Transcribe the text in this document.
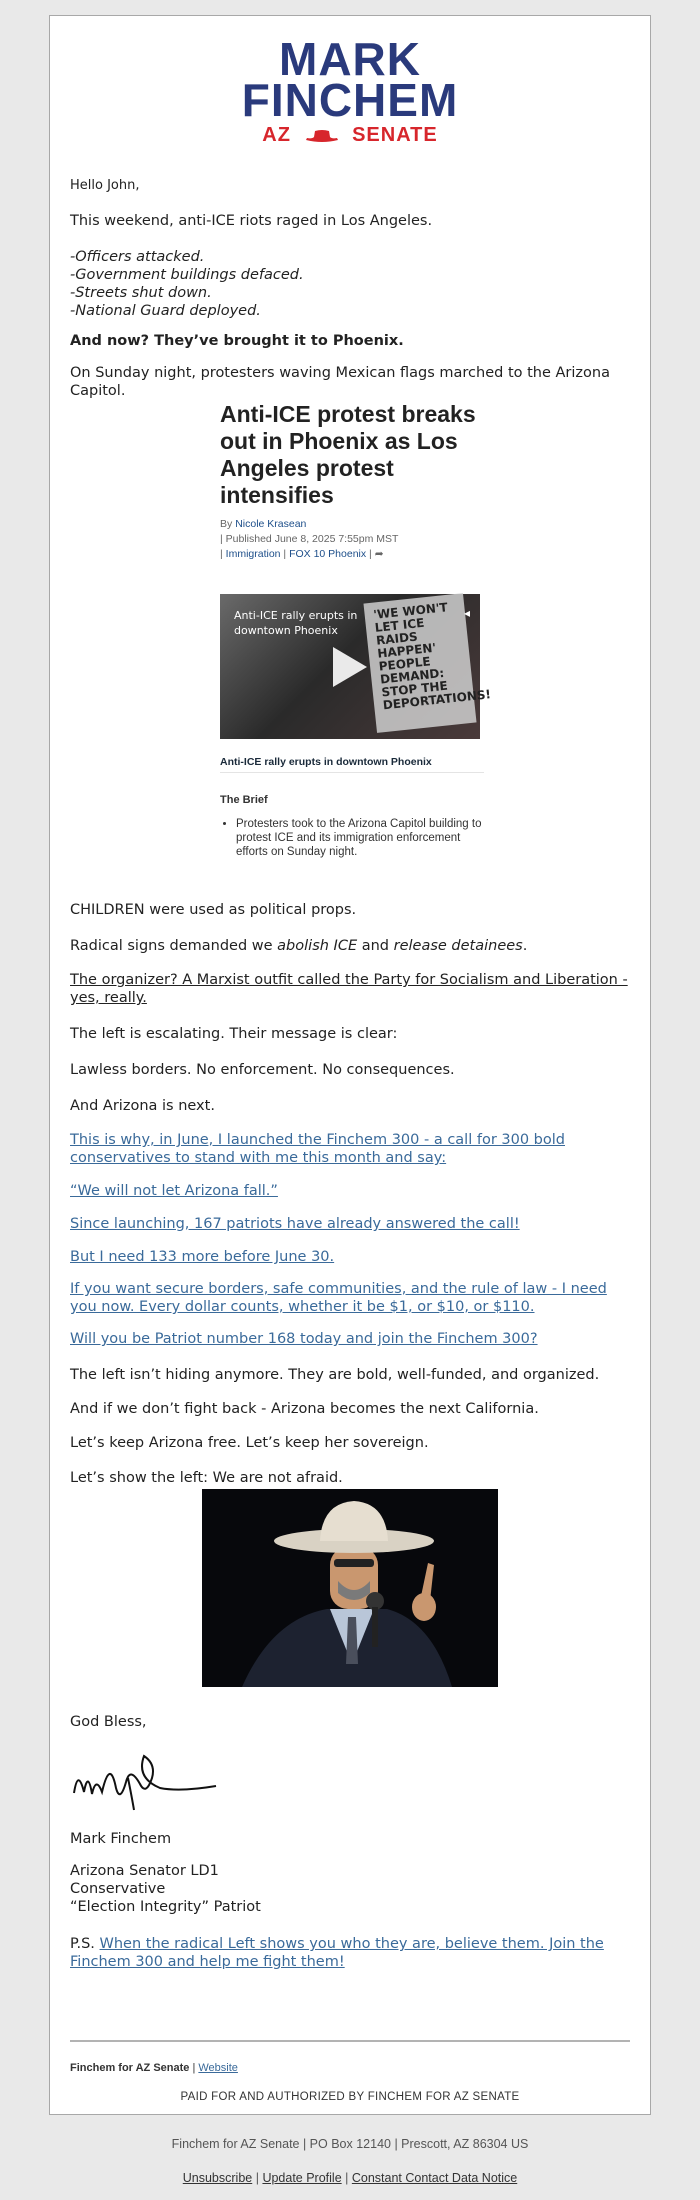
MARK
FINCHEM
AZ	SENATE

Hello John,

This weekend, anti-ICE riots raged in Los Angeles.

-Officers attacked.
-Government buildings defaced.
-Streets shut down.
-National Guard deployed.

And now? They’ve brought it to Phoenix.

On Sunday night, protesters waving Mexican flags marched to the Arizona Capitol.

Anti-ICE protest breaks out in Phoenix as Los Angeles protest intensifies
By Nicole Krasean
| Published June 8, 2025 7:55pm MST
| Immigration | FOX 10 Phoenix | ➦
'WE WON'T LET ICE RAIDS HAPPEN' PEOPLE DEMAND: STOP THE DEPORTATIONS!
Anti-ICE rally erupts in downtown Phoenix
◂
Anti-ICE rally erupts in downtown Phoenix
The Brief
• Protesters took to the Arizona Capitol building to protest ICE and its immigration enforcement efforts on Sunday night.

CHILDREN were used as political props.

Radical signs demanded we abolish ICE and release detainees.

The organizer? A Marxist outfit called the Party for Socialism and Liberation - yes, really.

The left is escalating. Their message is clear:

Lawless borders. No enforcement. No consequences.

And Arizona is next.

This is why, in June, I launched the Finchem 300 - a call for 300 bold conservatives to stand with me this month and say:
“We will not let Arizona fall.”
Since launching, 167 patriots have already answered the call!
But I need 133 more before June 30.
If you want secure borders, safe communities, and the rule of law - I need you now. Every dollar counts, whether it be $1, or $10, or $110.
Will you be Patriot number 168 today and join the Finchem 300?

The left isn’t hiding anymore. They are bold, well-funded, and organized.

And if we don’t fight back - Arizona becomes the next California.

Let’s keep Arizona free. Let’s keep her sovereign.

Let’s show the left: We are not afraid.

God Bless,

Mark Finchem

Arizona Senator LD1
Conservative
“Election Integrity” Patriot

P.S. When the radical Left shows you who they are, believe them. Join the Finchem 300 and help me fight them!

Finchem for AZ Senate | Website
PAID FOR AND AUTHORIZED BY FINCHEM FOR AZ SENATE
Finchem for AZ Senate | PO Box 12140 | Prescott, AZ 86304 US
Unsubscribe | Update Profile | Constant Contact Data Notice
